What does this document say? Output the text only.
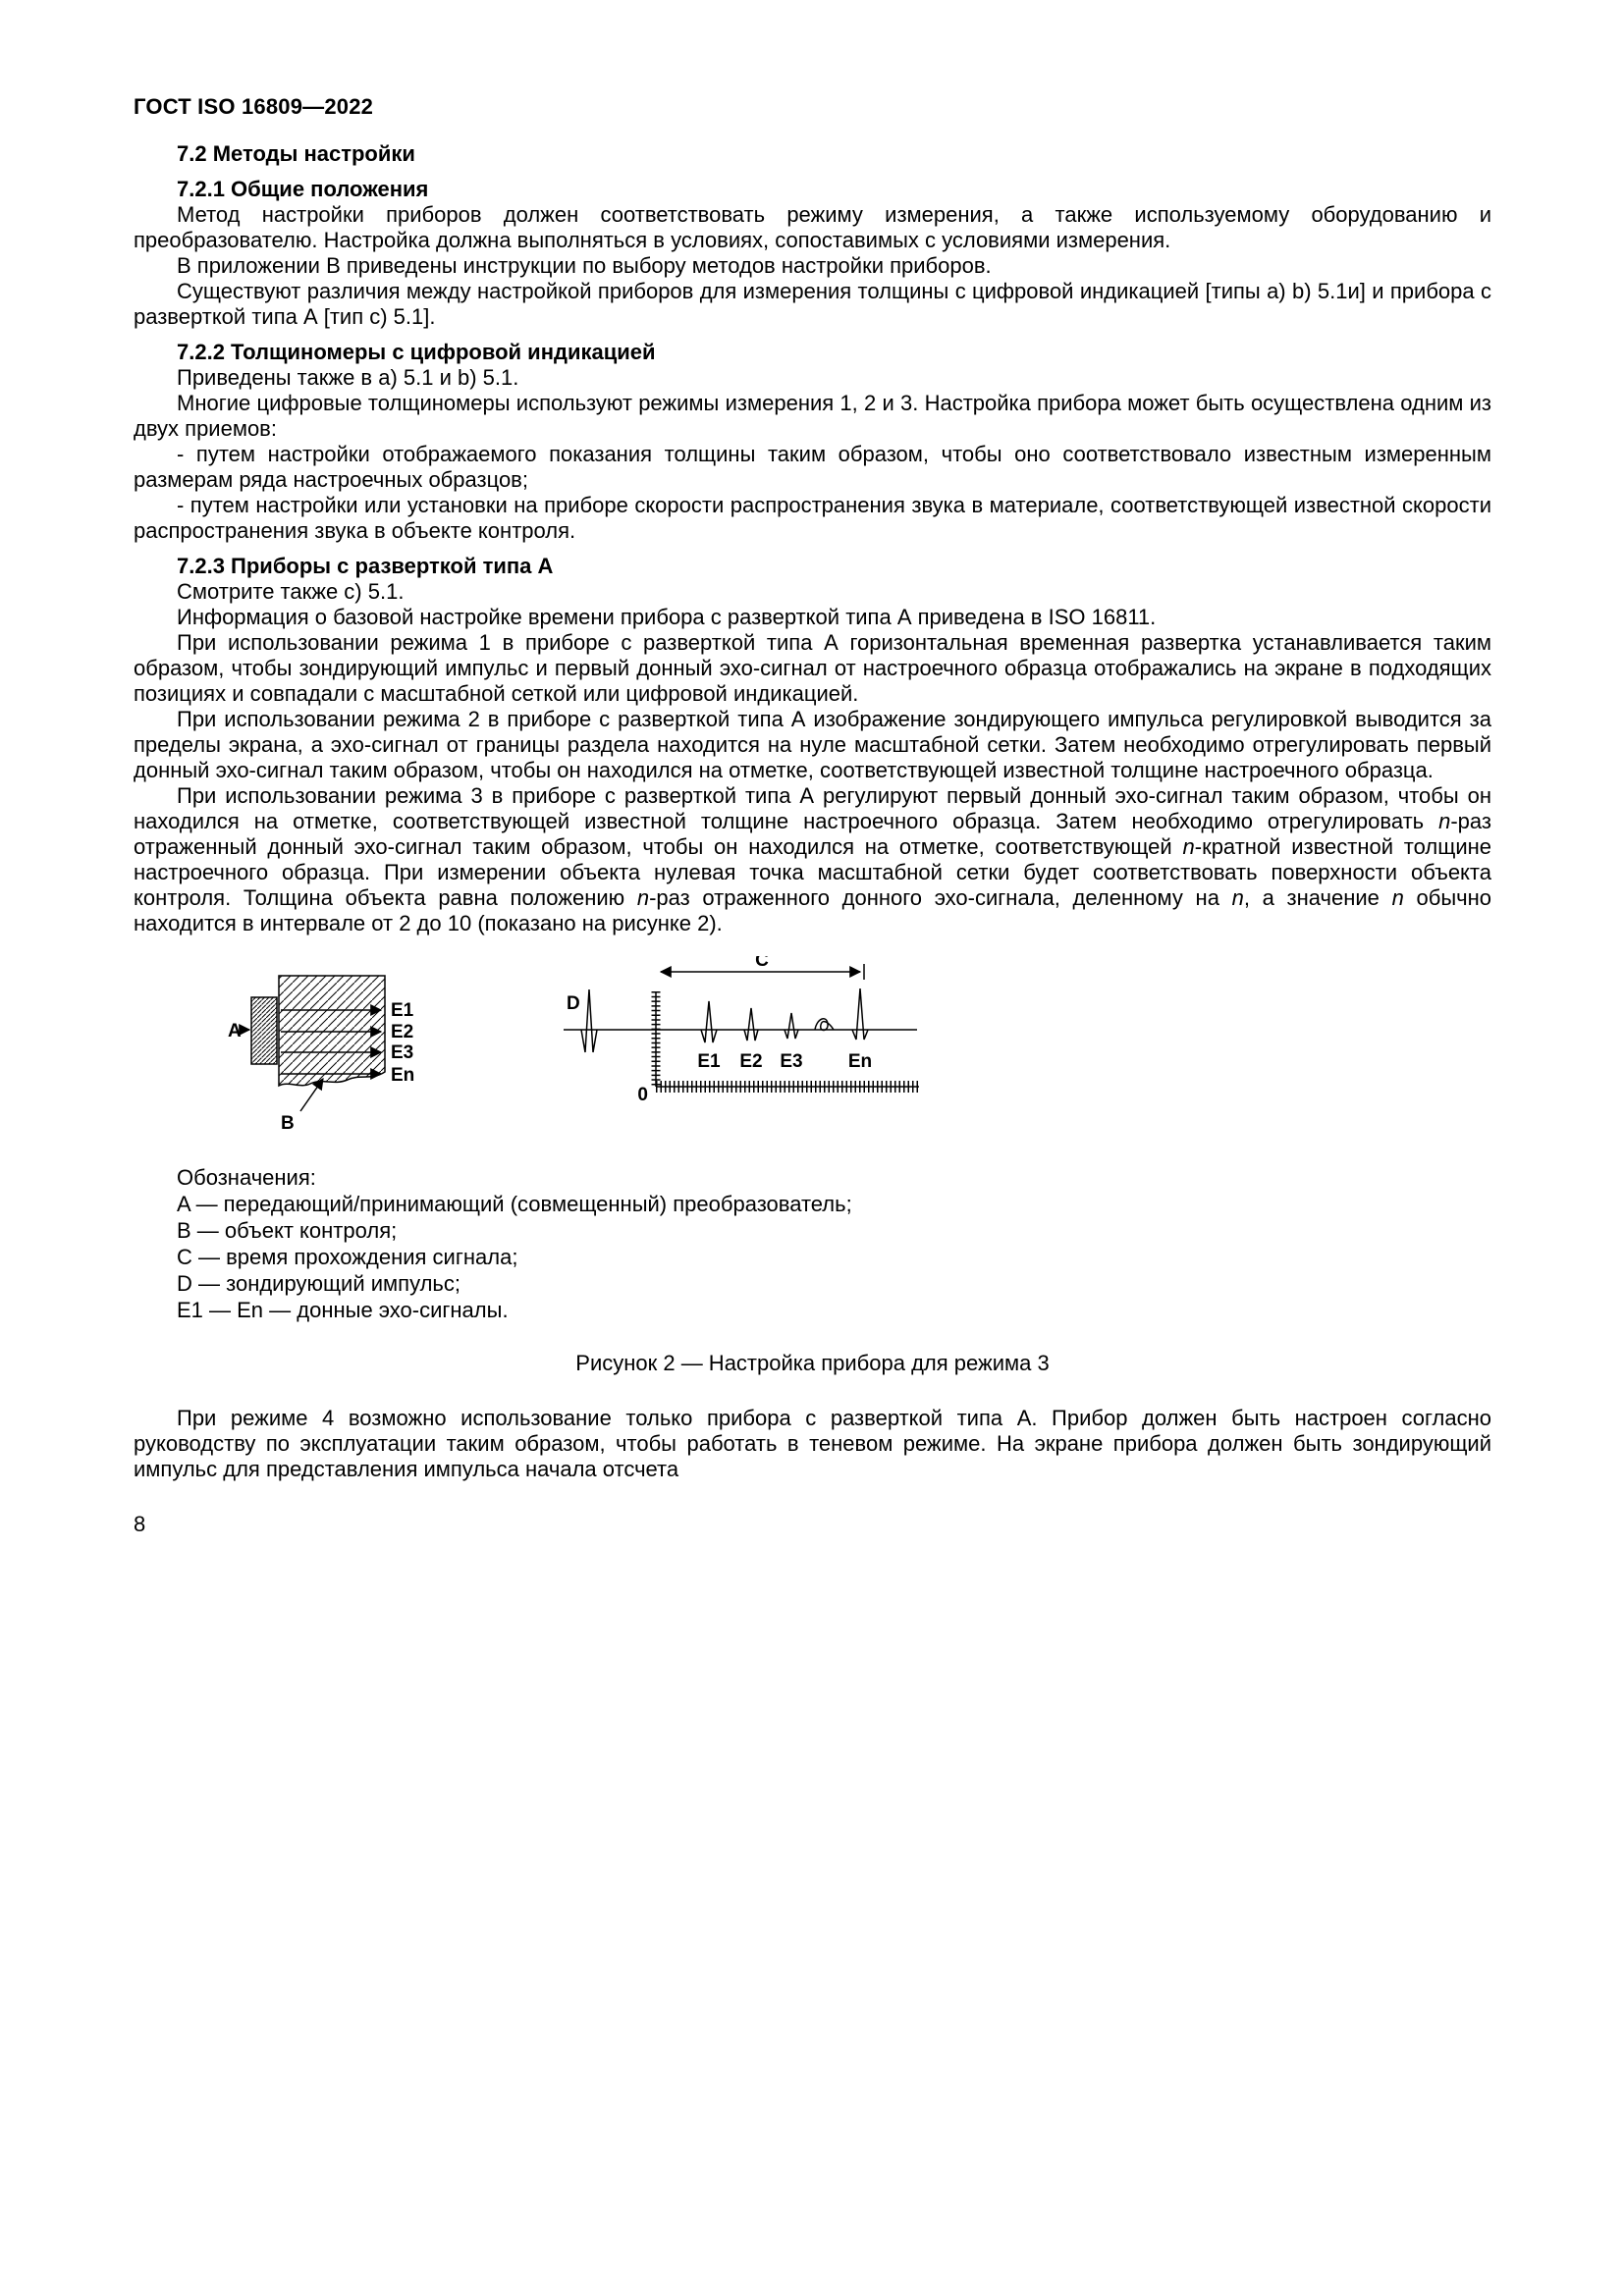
ГОСТ ISO 16809—2022

7.2 Методы настройки

7.2.1 Общие положения

Метод настройки приборов должен соответствовать режиму измерения, а также используемому оборудованию и преобразователю. Настройка должна выполняться в условиях, сопоставимых с условиями измерения.

В приложении В приведены инструкции по выбору методов настройки приборов.

Существуют различия между настройкой приборов для измерения толщины с цифровой индикацией [типы a) b) 5.1и] и прибора с разверткой типа А [тип c) 5.1].

7.2.2 Толщиномеры с цифровой индикацией

Приведены также в a) 5.1 и b) 5.1.

Многие цифровые толщиномеры используют режимы измерения 1, 2 и 3. Настройка прибора может быть осуществлена одним из двух приемов:

- путем настройки отображаемого показания толщины таким образом, чтобы оно соответствовало известным измеренным размерам ряда настроечных образцов;

- путем настройки или установки на приборе скорости распространения звука в материале, соответствующей известной скорости распространения звука в объекте контроля.

7.2.3 Приборы с разверткой типа А

Смотрите также c) 5.1.

Информация о базовой настройке времени прибора с разверткой типа А приведена в ISO 16811.

При использовании режима 1 в приборе с разверткой типа А горизонтальная временная развертка устанавливается таким образом, чтобы зондирующий импульс и первый донный эхо-сигнал от настроечного образца отображались на экране в подходящих позициях и совпадали с масштабной сеткой или цифровой индикацией.

При использовании режима 2 в приборе с разверткой типа А изображение зондирующего импульса регулировкой выводится за пределы экрана, а эхо-сигнал от границы раздела находится на нуле масштабной сетки. Затем необходимо отрегулировать первый донный эхо-сигнал таким образом, чтобы он находился на отметке, соответствующей известной толщине настроечного образца.

При использовании режима 3 в приборе с разверткой типа А регулируют первый донный эхо-сигнал таким образом, чтобы он находился на отметке, соответствующей известной толщине настроечного образца. Затем необходимо отрегулировать n-раз отраженный донный эхо-сигнал таким образом, чтобы он находился на отметке, соответствующей n-кратной известной толщине настроечного образца. При измерении объекта нулевая точка масштабной сетки будет соответствовать поверхности объекта контроля. Толщина объекта равна положению n-раз отраженного донного эхо-сигнала, деленному на n, а значение n обычно находится в интервале от 2 до 10 (показано на рисунке 2).

A
E1
E2
E3
En
B
D
0
C
E1 E2 E3 En
Обозначения:
A — передающий/принимающий (совмещенный) преобразователь;
B — объект контроля;
C — время прохождения сигнала;
D — зондирующий импульс;
E1 — En — донные эхо-сигналы.
Рисунок 2 — Настройка прибора для режима 3

При режиме 4 возможно использование только прибора с разверткой типа А. Прибор должен быть настроен согласно руководству по эксплуатации таким образом, чтобы работать в теневом режиме. На экране прибора должен быть зондирующий импульс для представления импульса начала отсчета

8
